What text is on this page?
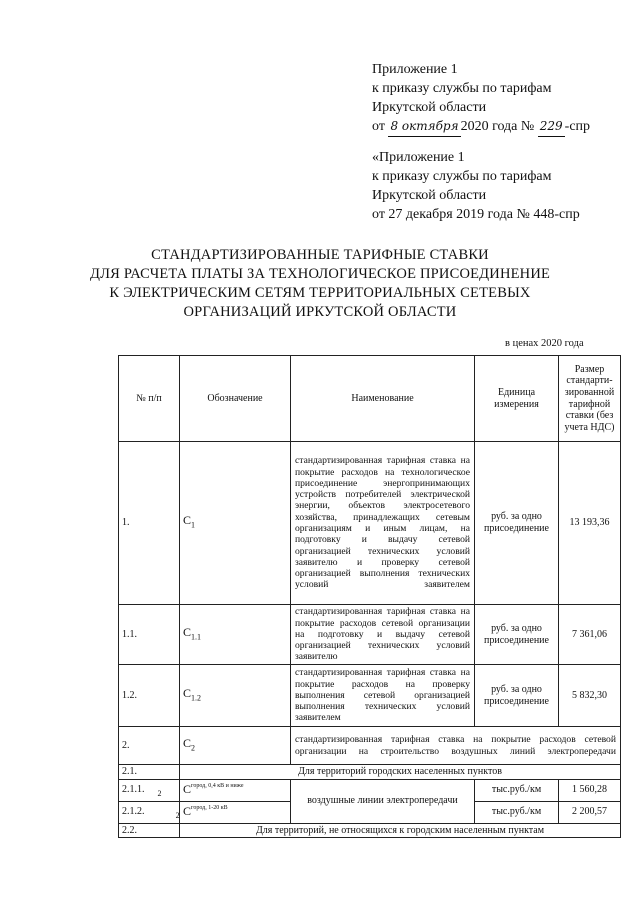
Приложение 1
к приказу службы по тарифам
Иркутской области
от 8 октября 2020 года № 229 -спр
«Приложение 1
к приказу службы по тарифам
Иркутской области
от 27 декабря 2019 года № 448-спр
СТАНДАРТИЗИРОВАННЫЕ ТАРИФНЫЕ СТАВКИ
ДЛЯ РАСЧЕТА ПЛАТЫ ЗА ТЕХНОЛОГИЧЕСКОЕ ПРИСОЕДИНЕНИЕ
К ЭЛЕКТРИЧЕСКИМ СЕТЯМ ТЕРРИТОРИАЛЬНЫХ СЕТЕВЫХ
ОРГАНИЗАЦИЙ ИРКУТСКОЙ ОБЛАСТИ
в ценах 2020 года
№ п/п	Обозначение	Наименование	Единица измерения	Размер стандарти-зированной тарифной ставки (без учета НДС)
1.	$C_1$	стандартизированная тарифная ставка на покрытие расходов на технологическое присоединение энергопринимающих устройств потребителей электрической энергии, объектов электросетевого хозяйства, принадлежащих сетевым организациям и иным лицам, на подготовку и выдачу сетевой организацией технических условий заявителю и проверку сетевой организацией выполнения технических условий заявителем	руб. за одно присоединение	13 193,36
1.1.	$C_{1.1}$	стандартизированная тарифная ставка на покрытие расходов сетевой организации на подготовку и выдачу сетевой организацией технических условий заявителю	руб. за одно присоединение	7 361,06
1.2.	$C_{1.2}$	стандартизированная тарифная ставка на покрытие расходов на проверку выполнения сетевой организацией выполнения технических условий заявителем	руб. за одно присоединение	5 832,30
2.	$C_2$	стандартизированная тарифная ставка на покрытие расходов сетевой организации на строительство воздушных линий электропередачи		
2.1.	Для территорий городских населенных пунктов			
2.1.1.	$C^{город, 0,4 кВ и ниже}_2$	воздушные линии электропередачи	тыс.руб./км	1 560,28
2.1.2.	$C^{город, 1-20 кВ}_2$		тыс.руб./км	2 200,57
2.2.	Для территорий, не относящихся к городским населенным пунктам			
